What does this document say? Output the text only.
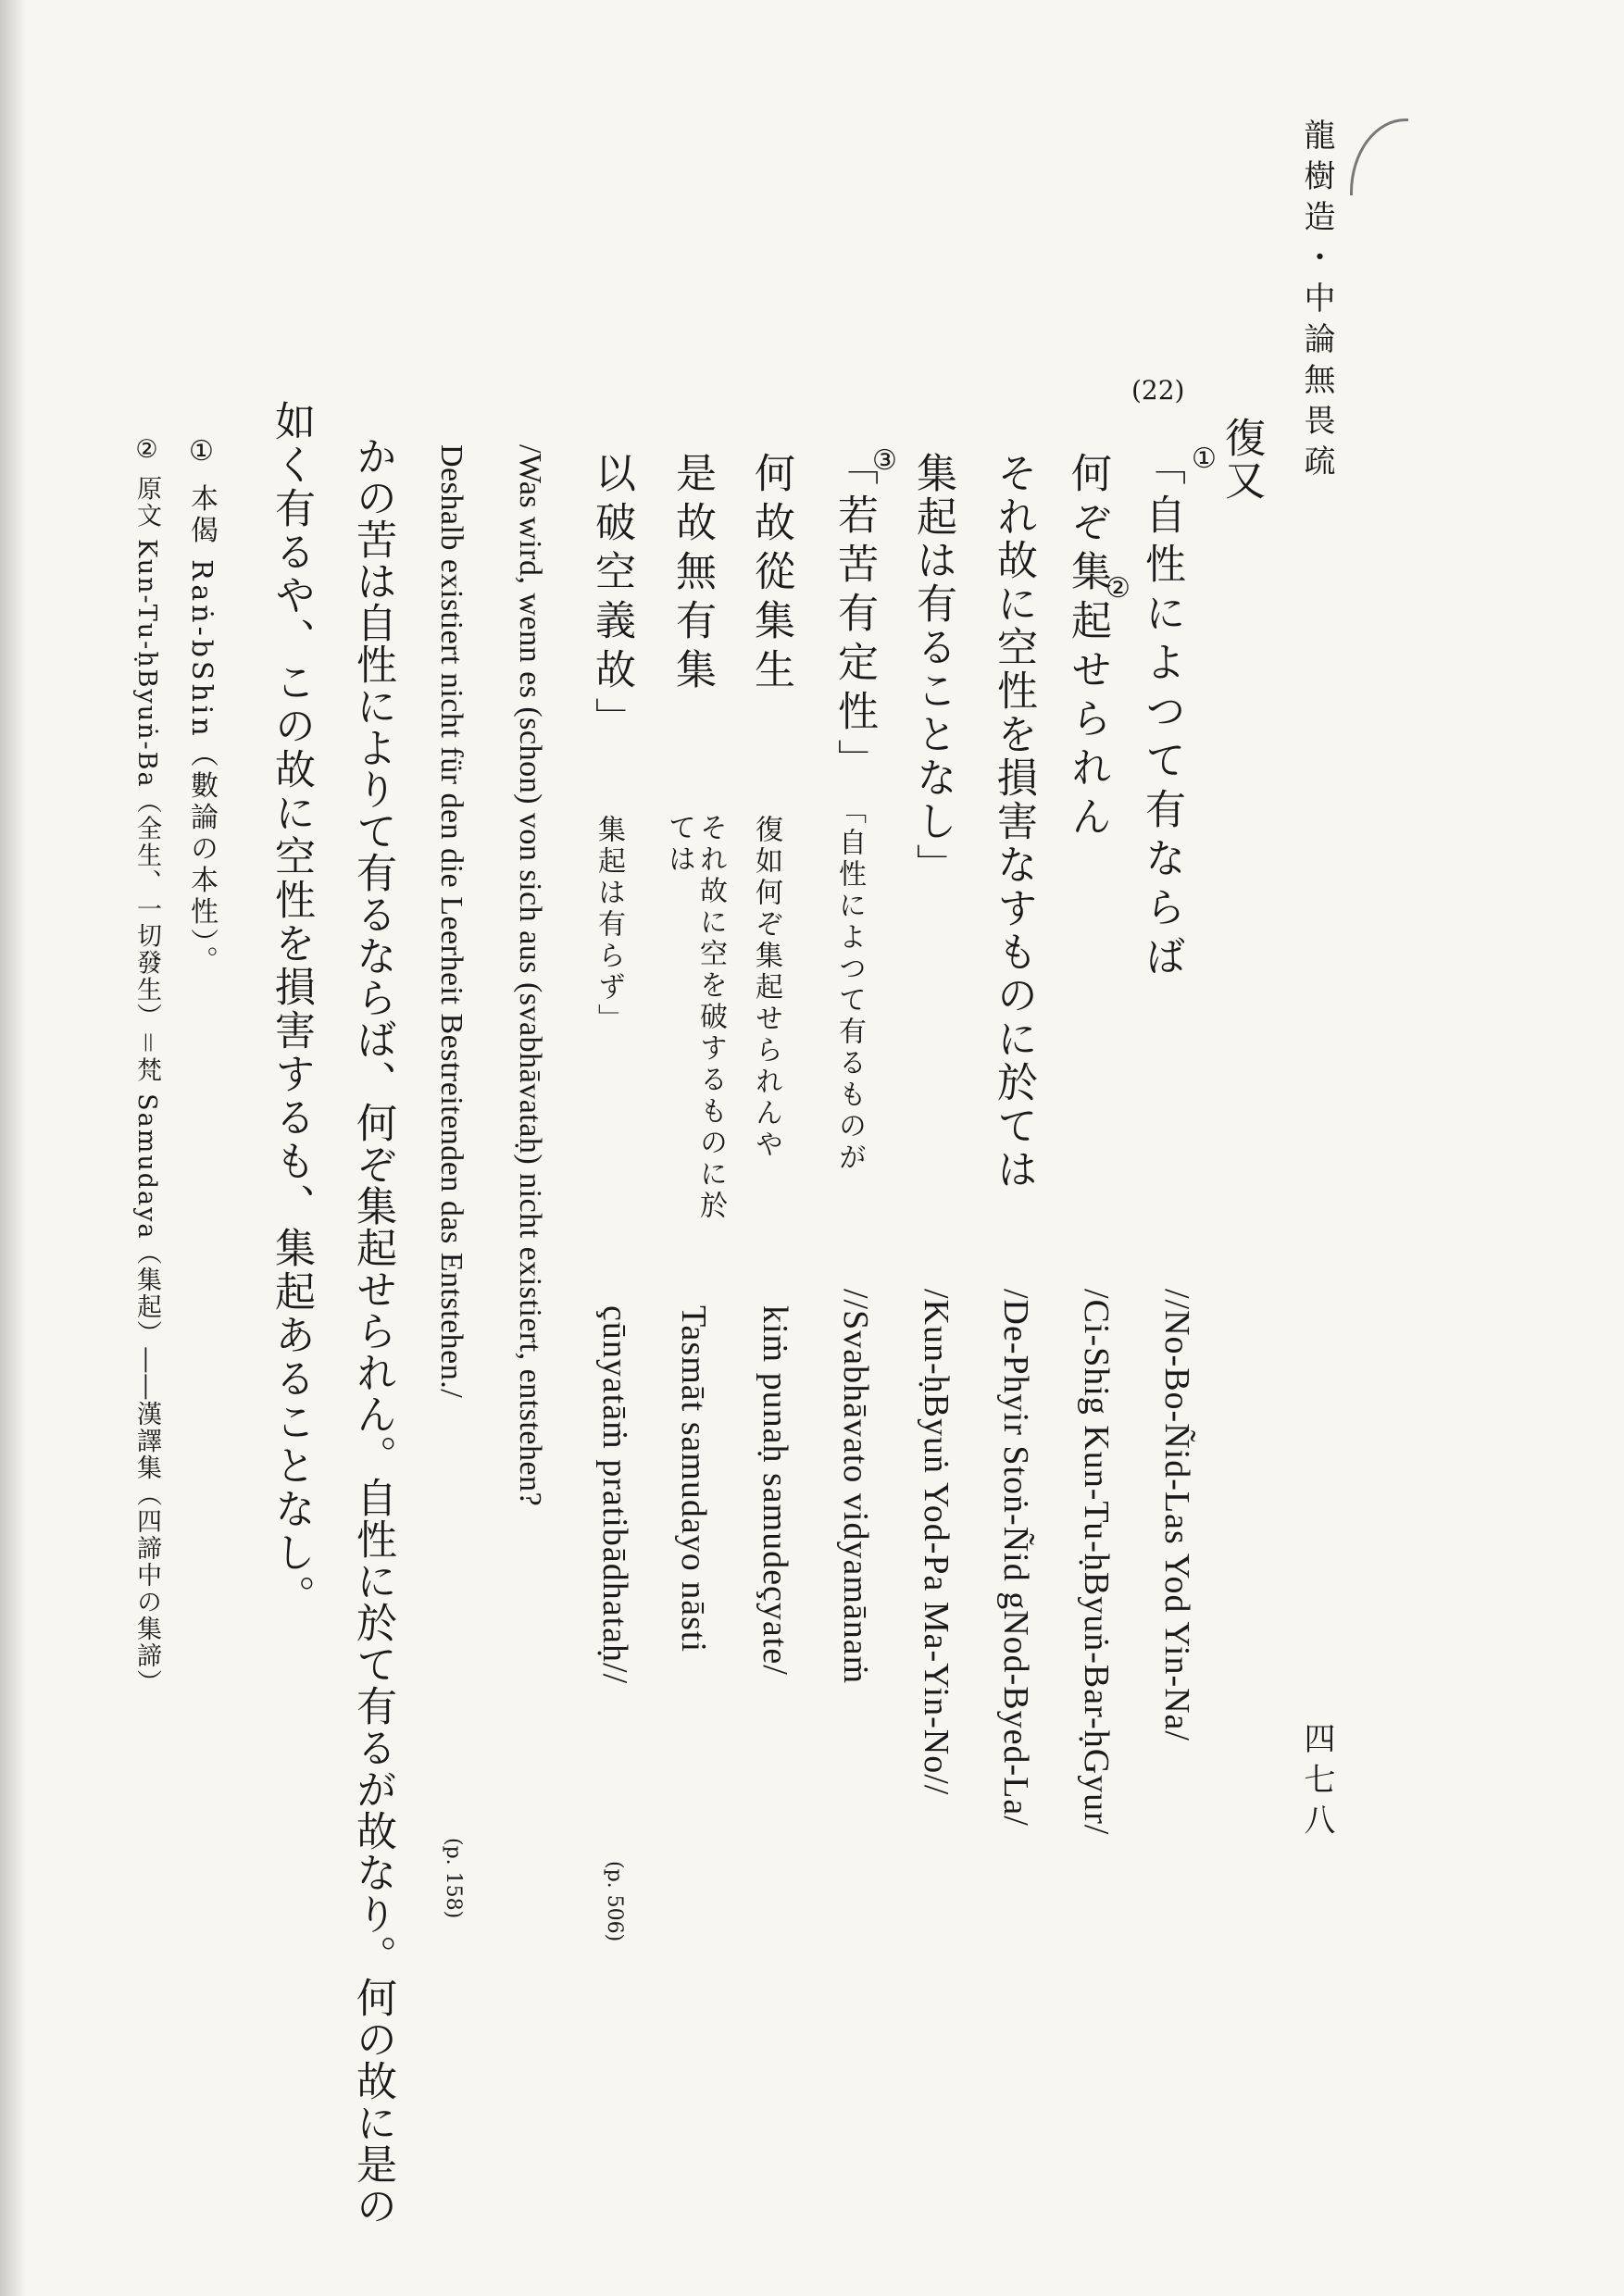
龍樹造・中論無畏疏
四七八
復又
(22)
「自性によつて有ならば ①
何ぞ集起せられん
②
それ故に空性を損害なすものに於ては
集起は有ることなし」
「若苦有定性」
③
何故從集生
是故無有集
以破空義故」
「自性によつて有るものが
復如何ぞ集起せられんや
それ故に空を破するものに於
ては
集起は有らず」
//No-Bo-Ñid-Las Yod Yin-Na/
/Ci-Shig Kun-Tu-ḥByuṅ-Bar-ḥGyur/
/De-Phyir Stoṅ-Ñid gNod-Byed-La/
/Kun-ḥByuṅ Yod-Pa Ma-Yin-No//
//Svabhāvato vidyamānaṁ
kiṁ punaḥ samudeçyate/
Tasmāt samudayo nāsti
çūnyatāṁ pratibādhataḥ//
(p. 506)
/Was wird, wenn es (schon) von sich aus (svabhāvataḥ) nicht existiert, entstehen?
Deshalb existiert nicht für den die Leerheit Bestreitenden das Entstehen./
(p. 158)
かの苦は自性によりて有るならば、何ぞ集起せられん。自性に於て有るが故なり。何の故に是の
如く有るや、この故に空性を損害するも、集起あることなし。
① 本偈 Raṅ-bShin（數論の本性）。
② 原文 Kun-Tu-ḥByuṅ-Ba（全生、一切發生）＝梵 Samudaya（集起）――漢譯集（四諦中の集諦）
